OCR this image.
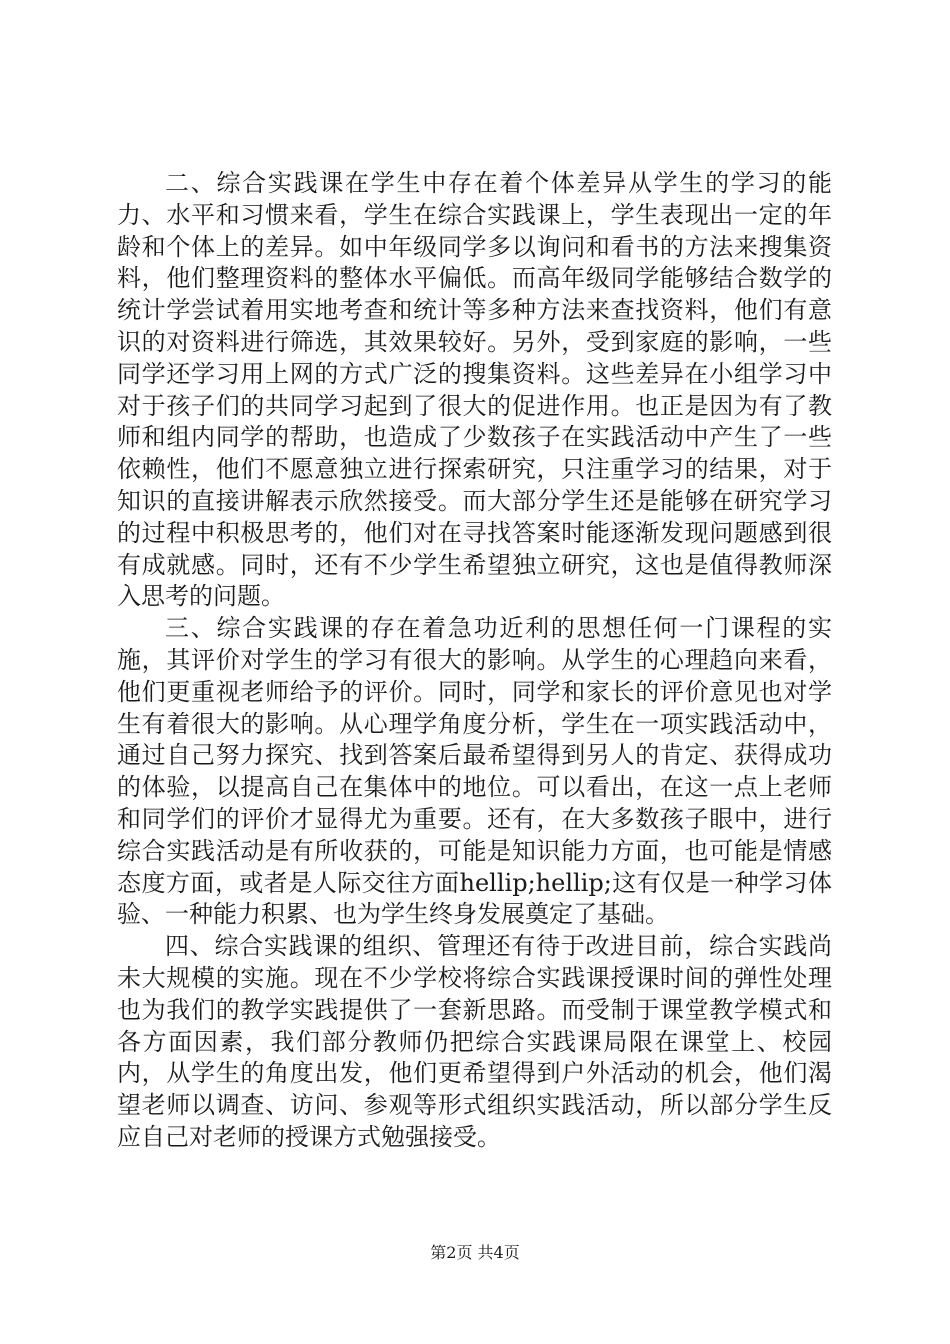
二、综合实践课在学生中存在着个体差异从学生的学习的能力、水平和习惯来看，学生在综合实践课上，学生表现出一定的年龄和个体上的差异。如中年级同学多以询问和看书的方法来搜集资料，他们整理资料的整体水平偏低。而高年级同学能够结合数学的统计学尝试着用实地考查和统计等多种方法来查找资料，他们有意识的对资料进行筛选，其效果较好。另外，受到家庭的影响，一些同学还学习用上网的方式广泛的搜集资料。这些差异在小组学习中对于孩子们的共同学习起到了很大的促进作用。也正是因为有了教师和组内同学的帮助，也造成了少数孩子在实践活动中产生了一些依赖性，他们不愿意独立进行探索研究，只注重学习的结果，对于知识的直接讲解表示欣然接受。而大部分学生还是能够在研究学习的过程中积极思考的，他们对在寻找答案时能逐渐发现问题感到很有成就感。同时，还有不少学生希望独立研究，这也是值得教师深入思考的问题。

三、综合实践课的存在着急功近利的思想任何一门课程的实施，其评价对学生的学习有很大的影响。从学生的心理趋向来看，他们更重视老师给予的评价。同时，同学和家长的评价意见也对学生有着很大的影响。从心理学角度分析，学生在一项实践活动中，通过自己努力探究、找到答案后最希望得到另人的肯定、获得成功的体验，以提高自己在集体中的地位。可以看出，在这一点上老师和同学们的评价才显得尤为重要。还有，在大多数孩子眼中，进行综合实践活动是有所收获的，可能是知识能力方面，也可能是情感态度方面，或者是人际交往方面hellip;hellip;这有仅是一种学习体验、一种能力积累、也为学生终身发展奠定了基础。

四、综合实践课的组织、管理还有待于改进目前，综合实践尚未大规模的实施。现在不少学校将综合实践课授课时间的弹性处理也为我们的教学实践提供了一套新思路。而受制于课堂教学模式和各方面因素，我们部分教师仍把综合实践课局限在课堂上、校园内，从学生的角度出发，他们更希望得到户外活动的机会，他们渴望老师以调查、访问、参观等形式组织实践活动，所以部分学生反应自己对老师的授课方式勉强接受。

第2页 共4页
